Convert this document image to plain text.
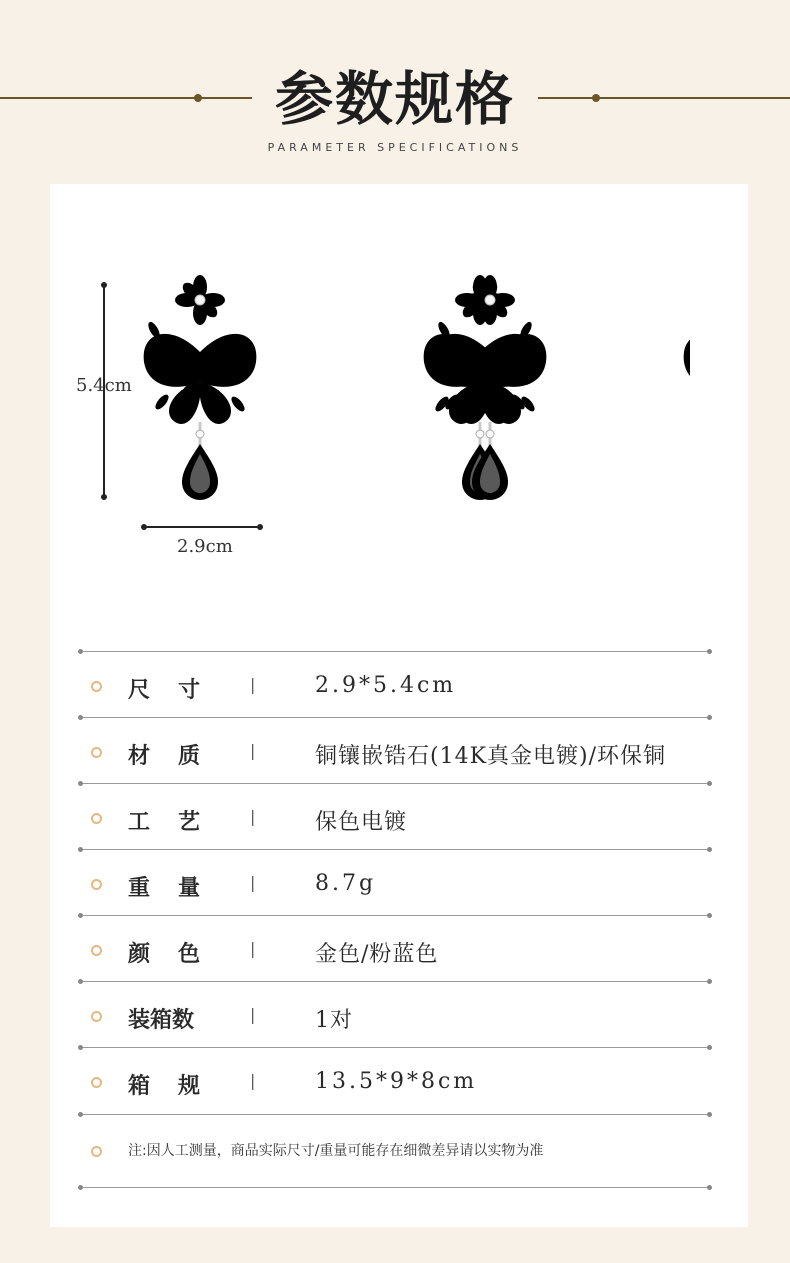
参数规格
PARAMETER SPECIFICATIONS
5.4cm
2.9cm
尺寸 |	2.9*5.4cm
材质 |	铜镶嵌锆石(14K真金电镀)/环保铜
工艺 |	保色电镀
重量 |	8.7g
颜色 |	金色/粉蓝色
装箱数	|	1对
箱规 |	13.5*9*8cm
注:因人工测量，商品实际尺寸/重量可能存在细微差异请以实物为准
